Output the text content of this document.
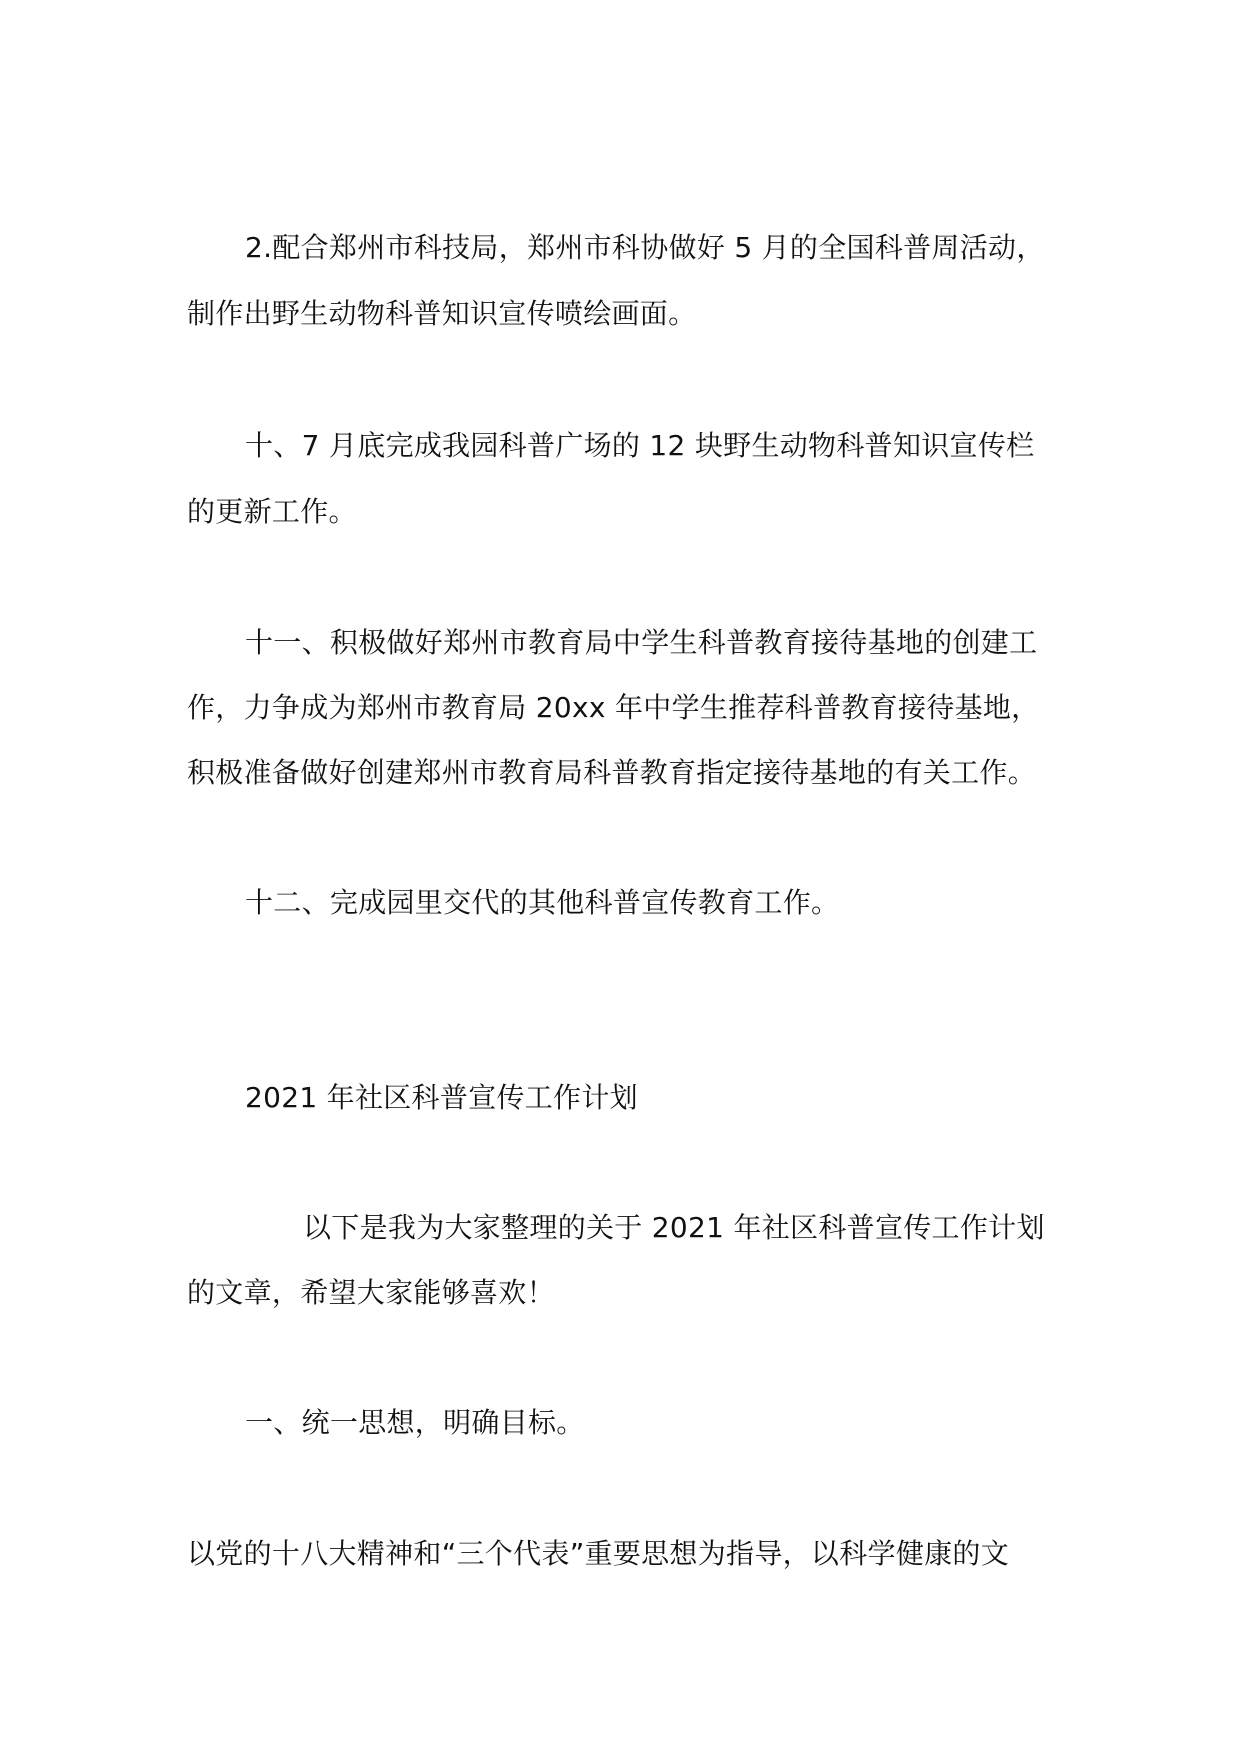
2.配合郑州市科技局，郑州市科协做好 5 月的全国科普周活动，
制作出野生动物科普知识宣传喷绘画面。
十、7 月底完成我园科普广场的 12 块野生动物科普知识宣传栏
的更新工作。
十一、积极做好郑州市教育局中学生科普教育接待基地的创建工
作，力争成为郑州市教育局 20xx 年中学生推荐科普教育接待基地，
积极准备做好创建郑州市教育局科普教育指定接待基地的有关工作。
十二、完成园里交代的其他科普宣传教育工作。
2021 年社区科普宣传工作计划
以下是我为大家整理的关于 2021 年社区科普宣传工作计划
的文章，希望大家能够喜欢！
一、统一思想，明确目标。
以党的十八大精神和“三个代表”重要思想为指导，以科学健康的文
